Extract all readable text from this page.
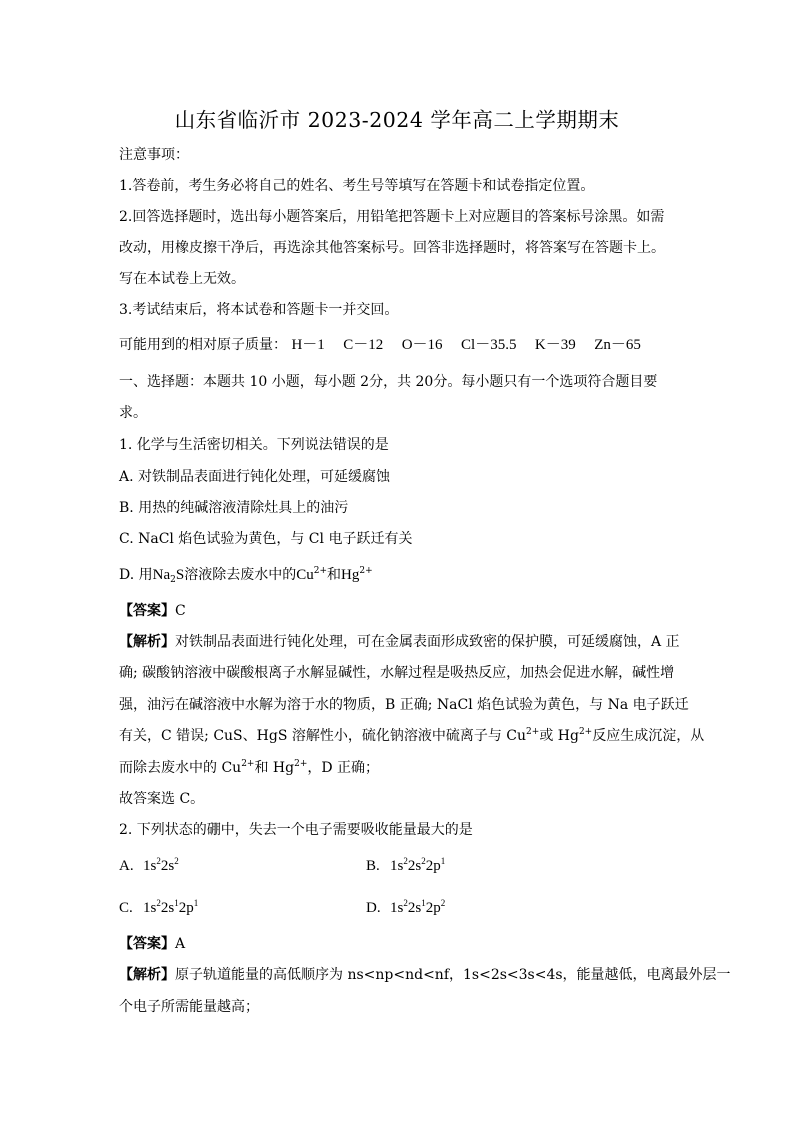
山东省临沂市 2023-2024 学年高二上学期期末
注意事项：
1.答卷前，考生务必将自己的姓名、考生号等填写在答题卡和试卷指定位置。
2.回答选择题时，选出每小题答案后，用铅笔把答题卡上对应题目的答案标号涂黑。如需
改动，用橡皮擦干净后，再选涂其他答案标号。回答非选择题时，将答案写在答题卡上。
写在本试卷上无效。
3.考试结束后，将本试卷和答题卡一并交回。
可能用到的相对原子质量： H－1 C－12 O－16 Cl－35.5 K－39 Zn－65
一、选择题：本题共 10 小题，每小题 2分，共 20分。每小题只有一个选项符合题目要
求。
1. 化学与生活密切相关。下列说法错误的是
A. 对铁制品表面进行钝化处理，可延缓腐蚀
B. 用热的纯碱溶液清除灶具上的油污
C. NaCl 焰色试验为黄色，与 Cl 电子跃迁有关
D. 用$Na_2S$溶液除去废水中的$Cu^{2+}$和$Hg^{2+}$
【答案】C
【解析】对铁制品表面进行钝化处理，可在金属表面形成致密的保护膜，可延缓腐蚀，A 正
确; 碳酸钠溶液中碳酸根离子水解显碱性，水解过程是吸热反应，加热会促进水解，碱性增
强，油污在碱溶液中水解为溶于水的物质，B 正确; NaCl 焰色试验为黄色，与 Na 电子跃迁
有关，C 错误; CuS、HgS 溶解性小，硫化钠溶液中硫离子与 $Cu^{2+}$或 $Hg^{2+}$反应生成沉淀，从
而除去废水中的 $Cu^{2+}$和 $Hg^{2+}$，D 正确；
故答案选 C。
2. 下列状态的硼中，失去一个电子需要吸收能量最大的是
A. $1s^22s^2$	B. $1s^22s^22p^1$
C. $1s^22s^12p^1$	D. $1s^22s^12p^2$
【答案】A
【解析】原子轨道能量的高低顺序为 ns<np<nd<nf，1s<2s<3s<4s，能量越低，电离最外层一
个电子所需能量越高；
